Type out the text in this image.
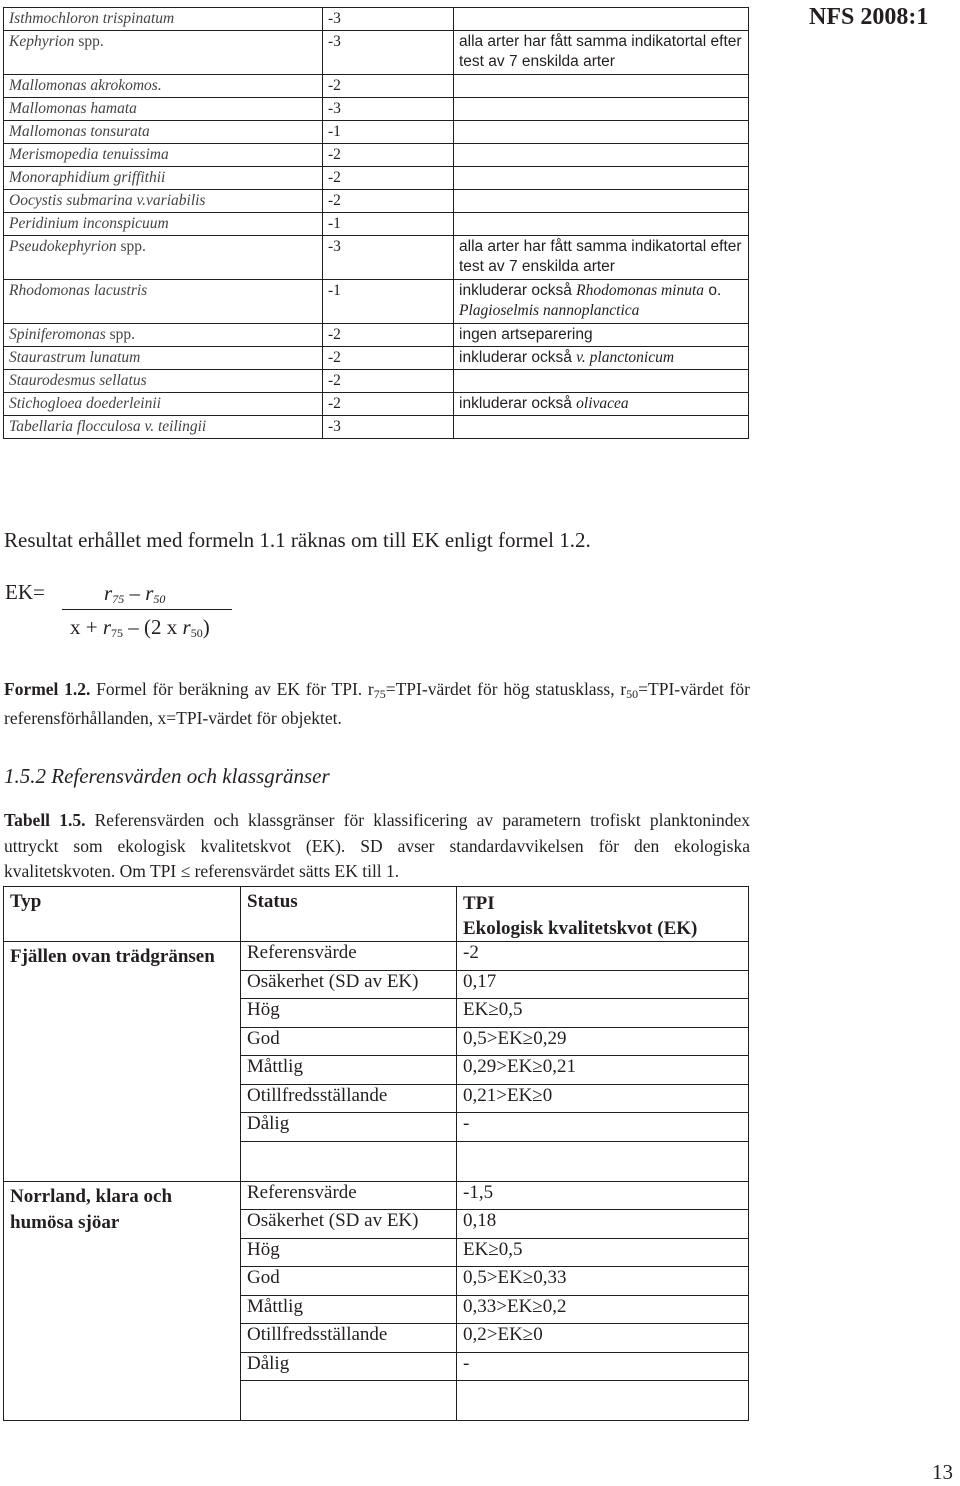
NFS 2008:1
Isthmochloron trispinatum	-3	
Kephyrion spp.	-3	alla arter har fått samma indikatortal efter test av 7 enskilda arter
Mallomonas akrokomos.	-2	
Mallomonas hamata	-3	
Mallomonas tonsurata	-1	
Merismopedia tenuissima	-2	
Monoraphidium griffithii	-2	
Oocystis submarina v.variabilis	-2	
Peridinium inconspicuum	-1	
Pseudokephyrion spp.	-3	alla arter har fått samma indikatortal efter test av 7 enskilda arter
Rhodomonas lacustris	-1	inkluderar också Rhodomonas minuta o. Plagioselmis nannoplanctica
Spiniferomonas spp.	-2	ingen artseparering
Staurastrum lunatum	-2	inkluderar också v. planctonicum
Staurodesmus sellatus	-2	
Stichogloea doederleinii	-2	inkluderar också olivacea
Tabellaria flocculosa v. teilingii	-3	
Resultat erhållet med formeln 1.1 räknas om till EK enligt formel 1.2.
EK=	$r_{75} - r_{50}$
$x + r_{75} - (2$ x $r_{50}$)
Formel 1.2. Formel för beräkning av EK för TPI. $r_{75}=TPI$-värdet för hög statusklass, $r_{50}=TPI$-värdet för referensförhållanden, x=TPI-värdet för objektet.
1.5.2 Referensvärden och klassgränser
Tabell 1.5. Referensvärden och klassgränser för klassificering av parametern trofiskt planktonindex uttryckt som ekologisk kvalitetskvot (EK). SD avser standardavvikelsen för den ekologiska kvalitetskvoten. Om TPI ≤ referensvärdet sätts EK till 1.
Typ	Status	TPI
Ekologisk kvalitetskvot (EK)
Fjällen ovan trädgränsen	Referensvärde	-2
	Osäkerhet (SD av EK)	0,17
	Hög	EK≥0,5
	God	0,5>EK≥0,29
	Måttlig	0,29>EK≥0,21
	Otillfredsställande	0,21>EK≥0
	Dålig	-

Norrland, klara och humösa sjöar	Referensvärde	-1,5
	Osäkerhet (SD av EK)	0,18
	Hög	EK≥0,5
	God	0,5>EK≥0,33
	Måttlig	0,33>EK≥0,2
	Otillfredsställande	0,2>EK≥0
	Dålig	-

13
